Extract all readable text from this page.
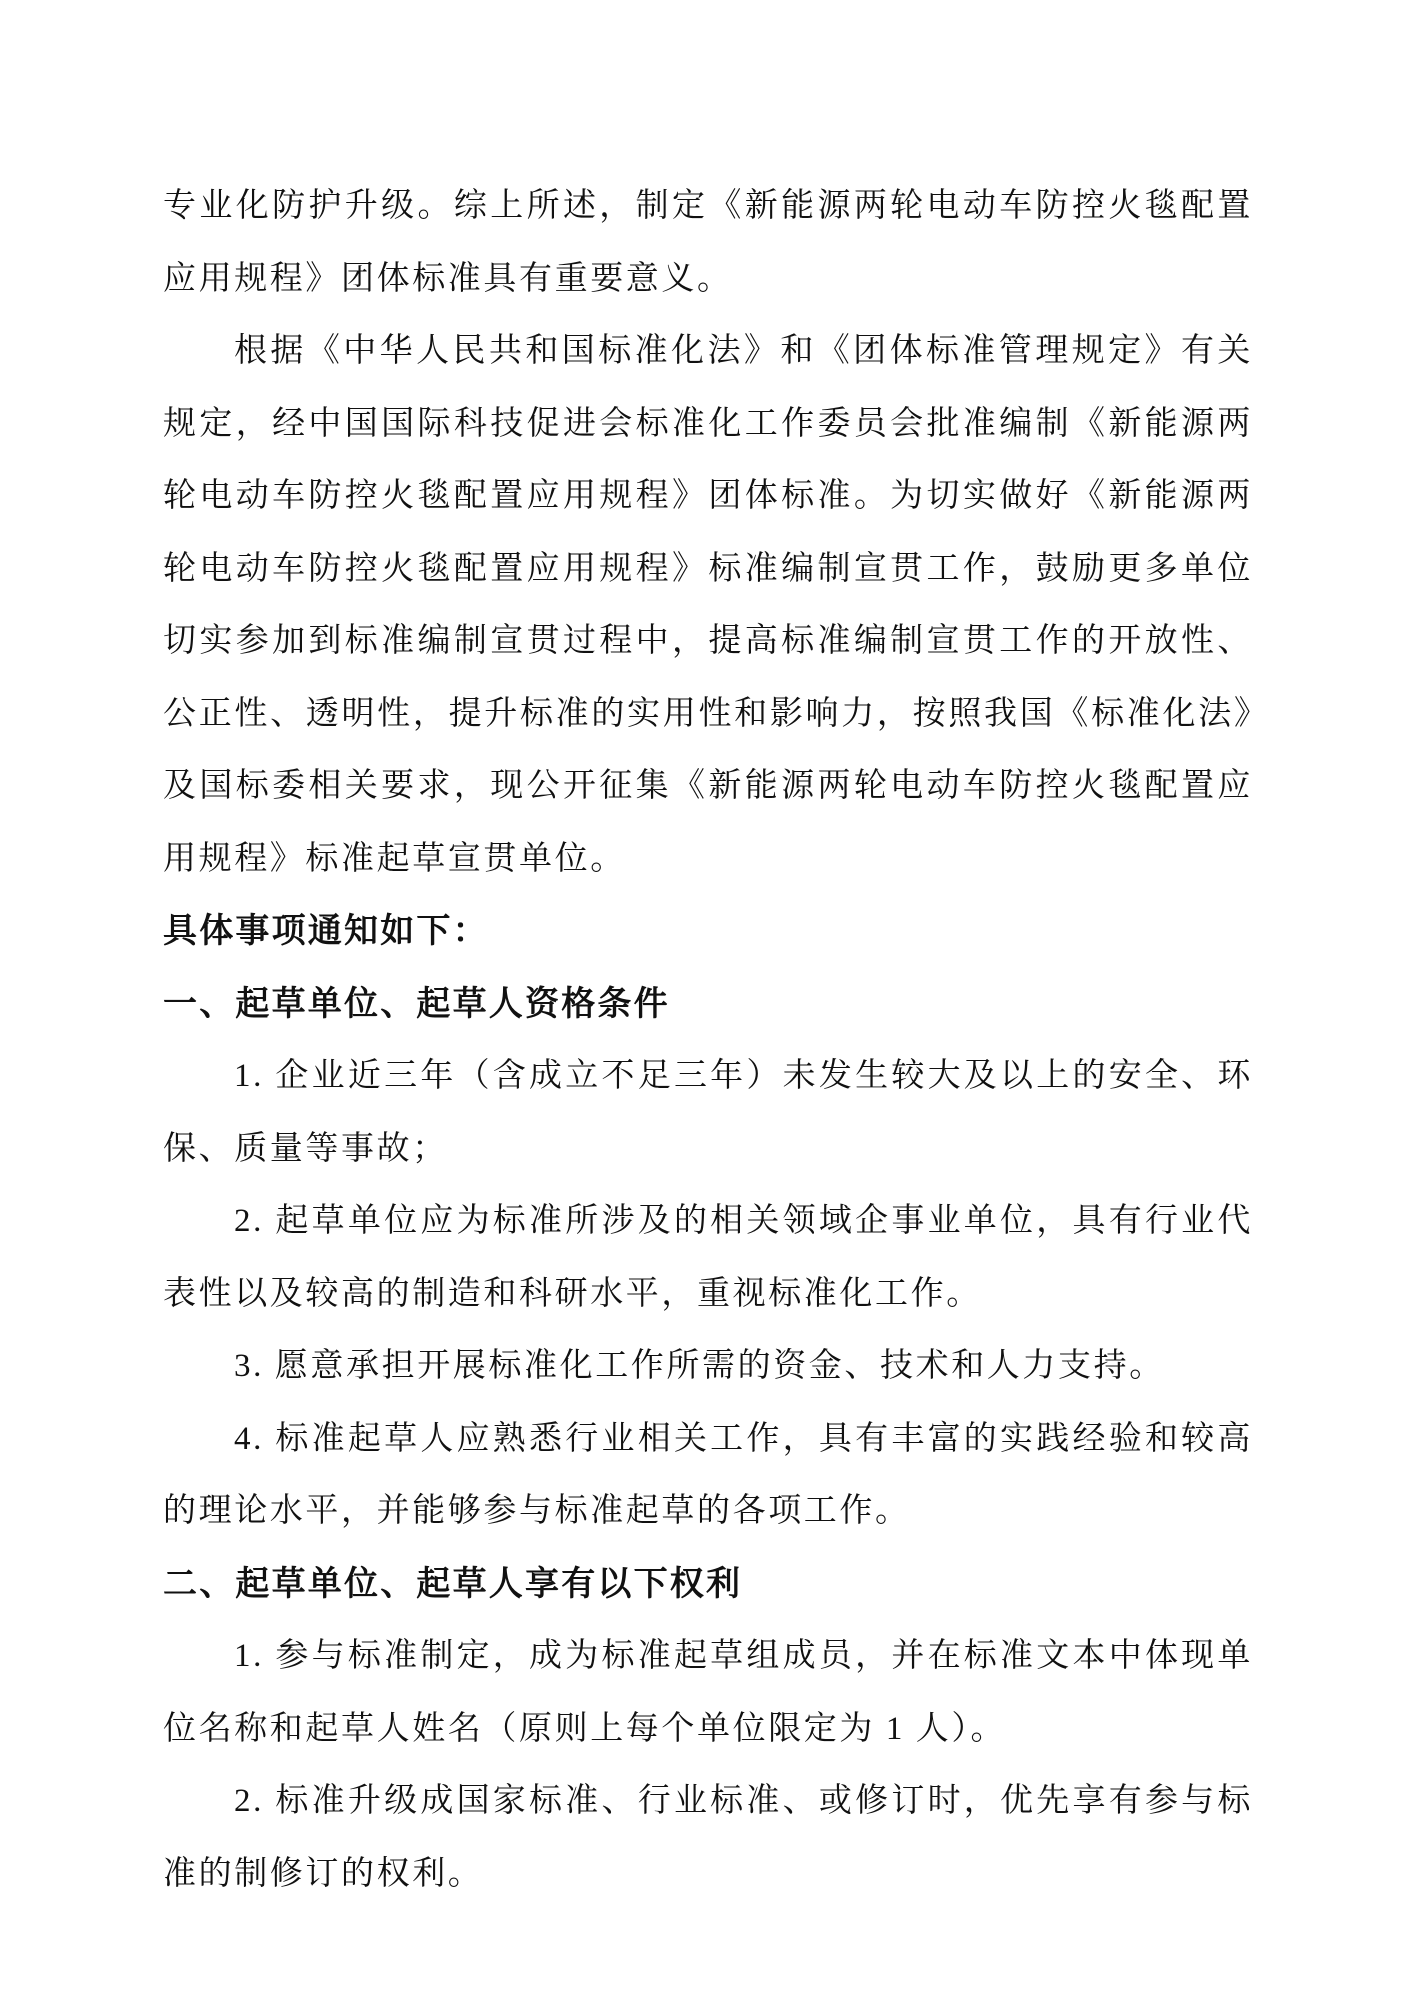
专业化防护升级。综上所述，制定《新能源两轮电动车防控火毯配置应用规程》团体标准具有重要意义。

根据《中华人民共和国标准化法》和《团体标准管理规定》有关规定，经中国国际科技促进会标准化工作委员会批准编制《新能源两轮电动车防控火毯配置应用规程》团体标准。为切实做好《新能源两轮电动车防控火毯配置应用规程》标准编制宣贯工作，鼓励更多单位切实参加到标准编制宣贯过程中，提高标准编制宣贯工作的开放性、公正性、透明性，提升标准的实用性和影响力，按照我国《标准化法》及国标委相关要求，现公开征集《新能源两轮电动车防控火毯配置应用规程》标准起草宣贯单位。

具体事项通知如下：

一、起草单位、起草人资格条件

1. 企业近三年（含成立不足三年）未发生较大及以上的安全、环保、质量等事故；

2. 起草单位应为标准所涉及的相关领域企事业单位，具有行业代表性以及较高的制造和科研水平，重视标准化工作。

3. 愿意承担开展标准化工作所需的资金、技术和人力支持。

4. 标准起草人应熟悉行业相关工作，具有丰富的实践经验和较高的理论水平，并能够参与标准起草的各项工作。

二、起草单位、起草人享有以下权利

1. 参与标准制定，成为标准起草组成员，并在标准文本中体现单位名称和起草人姓名（原则上每个单位限定为 1 人）。

2. 标准升级成国家标准、行业标准、或修订时，优先享有参与标准的制修订的权利。
